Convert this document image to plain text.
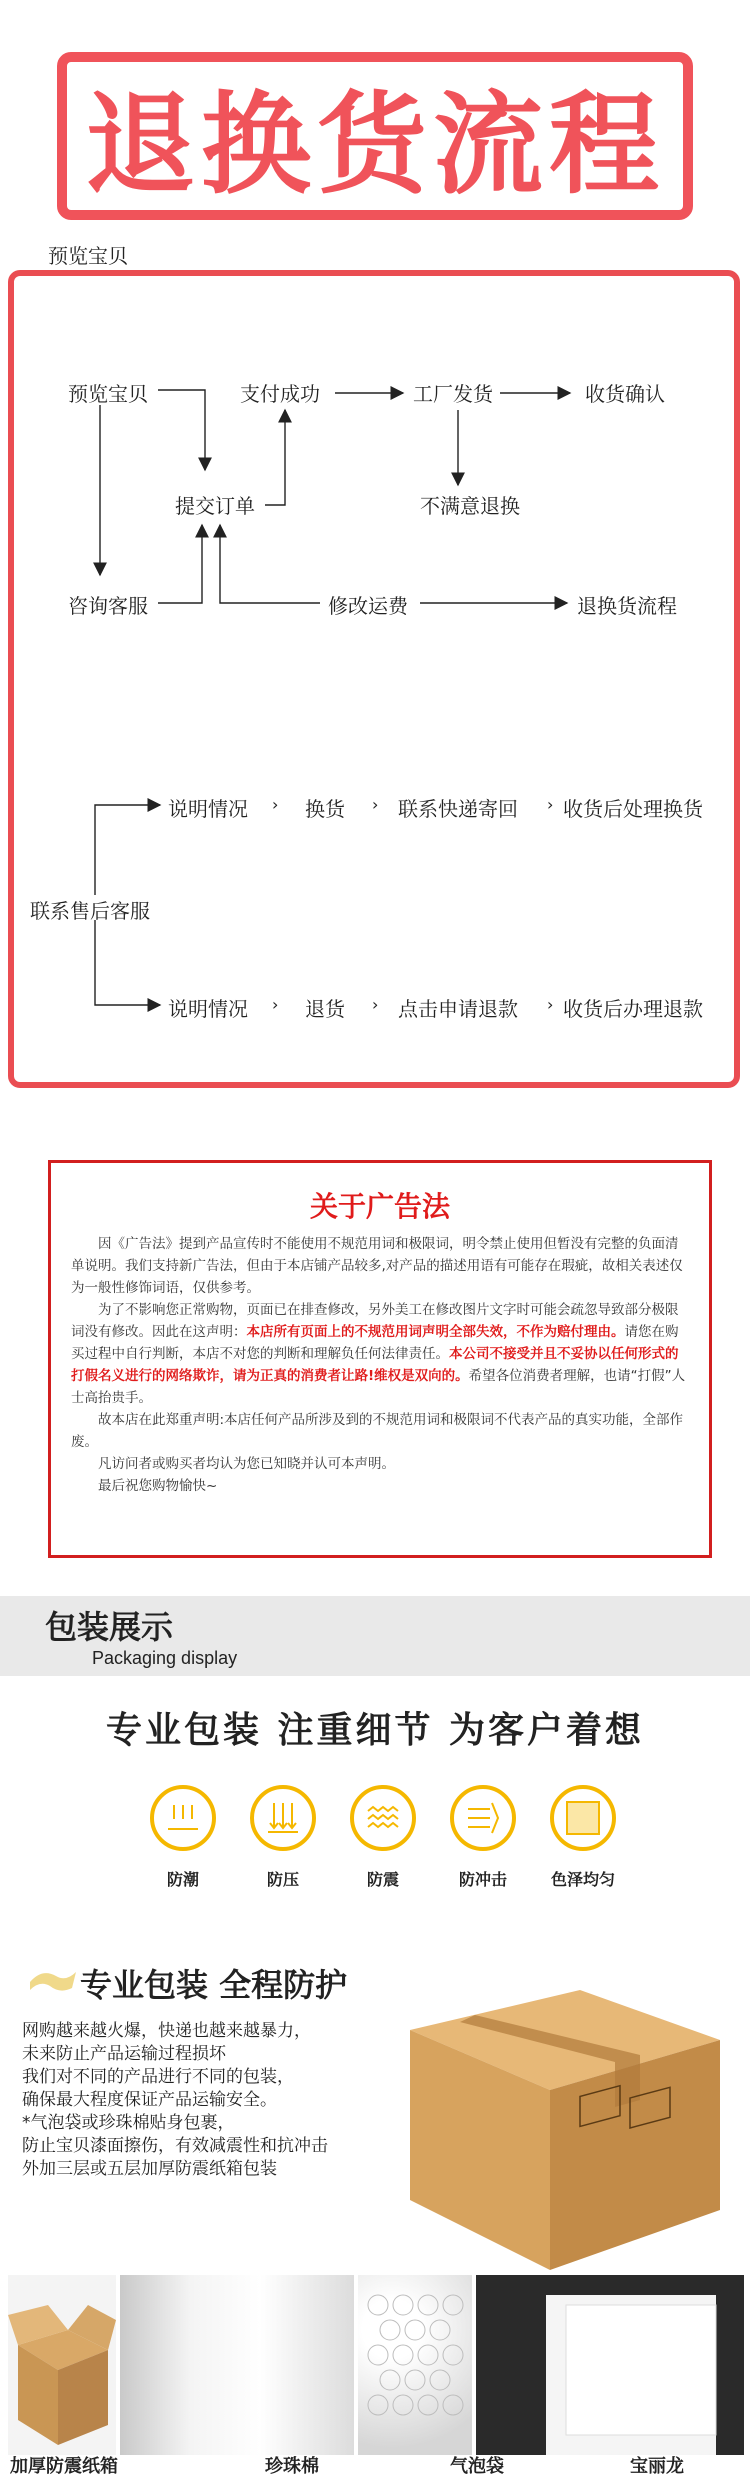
退换货流程
预览宝贝
›	›	›
›	›	›
预览宝贝	支付成功	工厂发货	收货确认
提交订单	不满意退换
咨询客服	修改运费	退换货流程
联系售后客服
说明情况	换货	联系快递寄回 收货后处理换货
说明情况	退货	点击申请退款 收货后办理退款
关于广告法

因《广告法》提到产品宣传时不能使用不规范用词和极限词，明令禁止使用但暂没有完整的负面清单说明。我们支持新广告法，但由于本店铺产品较多,对产品的描述用语有可能存在瑕疵，故相关表述仅为一般性修饰词语，仅供参考。

为了不影响您正常购物，页面已在排查修改，另外美工在修改图片文字时可能会疏忽导致部分极限词没有修改。因此在这声明：本店所有页面上的不规范用词声明全部失效，不作为赔付理由。请您在购买过程中自行判断，本店不对您的判断和理解负任何法律责任。本公司不接受并且不妥协以任何形式的打假名义进行的网络欺诈，请为正真的消费者让路!维权是双向的。希望各位消费者理解，也请“打假”人士高抬贵手。

故本店在此郑重声明:本店任何产品所涉及到的不规范用词和极限词不代表产品的真实功能，全部作废。

凡访问者或购买者均认为您已知晓并认可本声明。

最后祝您购物愉快~

包装展示
Packaging display
专业包装 注重细节 为客户着想
防潮	防压	防震	防冲击	色泽均匀
专业包装 全程防护
网购越来越火爆，快递也越来越暴力，
未来防止产品运输过程损坏
我们对不同的产品进行不同的包装，
确保最大程度保证产品运输安全。
*气泡袋或珍珠棉贴身包裹，
防止宝贝漆面擦伤，有效减震性和抗冲击
外加三层或五层加厚防震纸箱包装
加厚防震纸箱	珍珠棉	气泡袋	宝丽龙
